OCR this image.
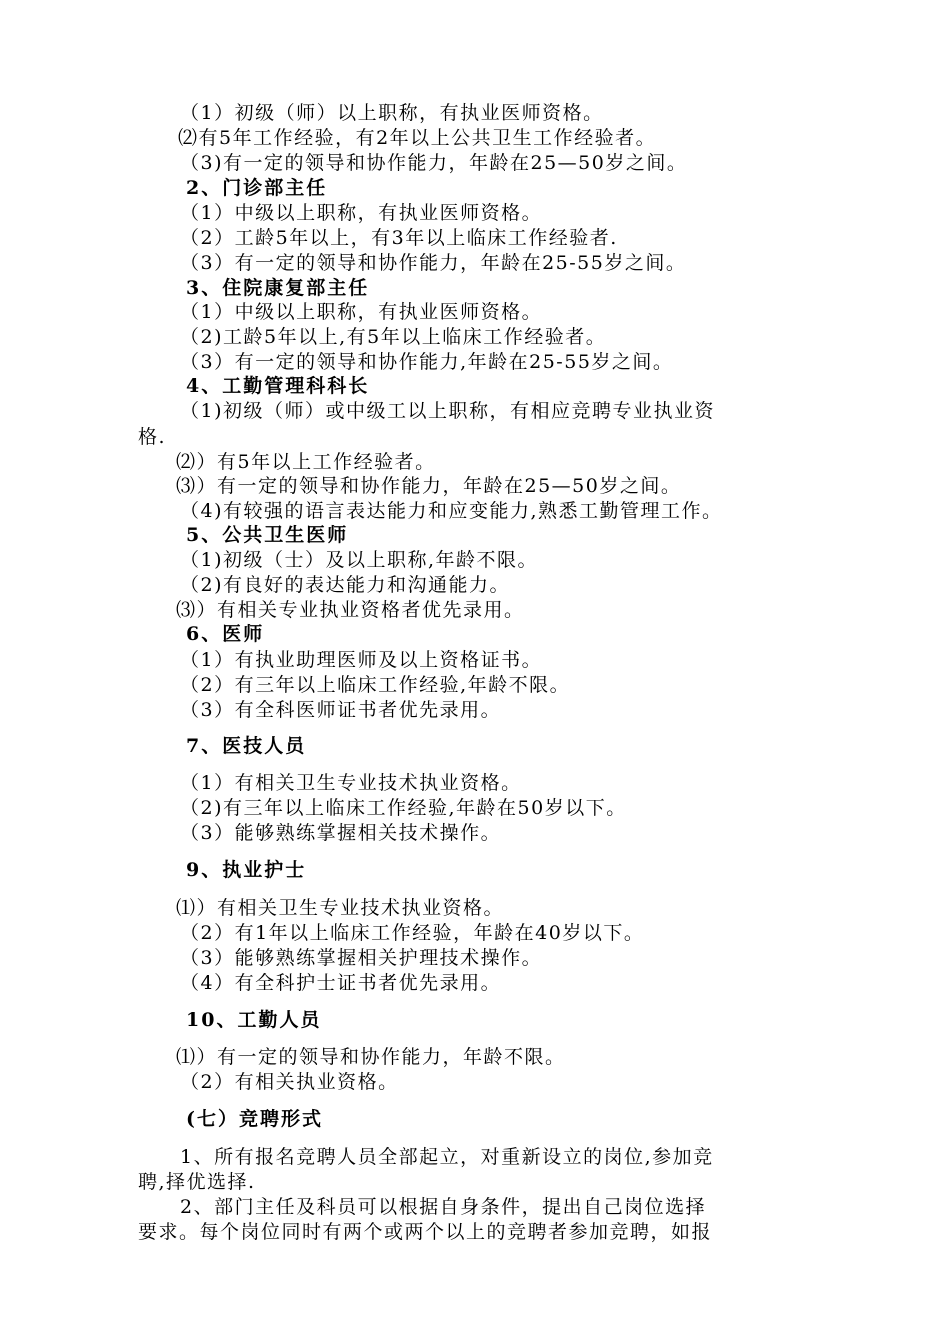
（1）初级（师）以上职称，有执业医师资格。
⑵有5年工作经验，有2年以上公共卫生工作经验者。
（3)有一定的领导和协作能力，年龄在25—50岁之间。
2、门诊部主任
（1）中级以上职称，有执业医师资格。
（2）工龄5年以上，有3年以上临床工作经验者.
（3）有一定的领导和协作能力，年龄在25-55岁之间。
3、住院康复部主任
（1）中级以上职称，有执业医师资格。
（2)工龄5年以上,有5年以上临床工作经验者。
（3）有一定的领导和协作能力,年龄在25-55岁之间。
4、工勤管理科科长
（1)初级（师）或中级工以上职称，有相应竞聘专业执业资
格.
⑵）有5年以上工作经验者。
⑶）有一定的领导和协作能力，年龄在25—50岁之间。
（4)有较强的语言表达能力和应变能力,熟悉工勤管理工作。
5、公共卫生医师
（1)初级（士）及以上职称,年龄不限。
（2)有良好的表达能力和沟通能力。
⑶）有相关专业执业资格者优先录用。
6、医师
（1）有执业助理医师及以上资格证书。
（2）有三年以上临床工作经验,年龄不限。
（3）有全科医师证书者优先录用。
7、医技人员
（1）有相关卫生专业技术执业资格。
（2)有三年以上临床工作经验,年龄在50岁以下。
（3）能够熟练掌握相关技术操作。
9、执业护士
⑴）有相关卫生专业技术执业资格。
（2）有1年以上临床工作经验，年龄在40岁以下。
（3）能够熟练掌握相关护理技术操作。
（4）有全科护士证书者优先录用。
10、工勤人员
⑴）有一定的领导和协作能力，年龄不限。
（2）有相关执业资格。
(七）竞聘形式
1、所有报名竞聘人员全部起立，对重新设立的岗位,参加竞
聘,择优选择.
2、部门主任及科员可以根据自身条件，提出自己岗位选择
要求。每个岗位同时有两个或两个以上的竞聘者参加竞聘，如报
